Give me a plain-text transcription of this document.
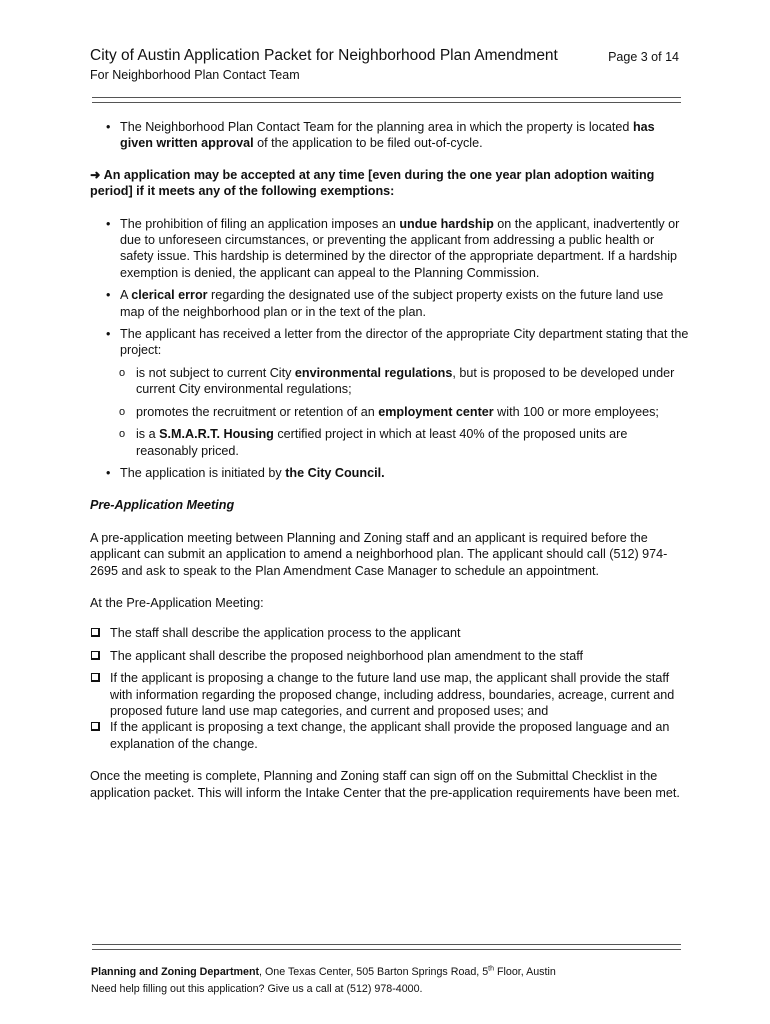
City of Austin Application Packet for Neighborhood Plan Amendment	Page 3 of 14
For Neighborhood Plan Contact Team
• The Neighborhood Plan Contact Team for the planning area in which the property is located has given written approval of the application to be filed out-of-cycle.

➜ An application may be accepted at any time [even during the one year plan adoption waiting period] if it meets any of the following exemptions:

• The prohibition of filing an application imposes an undue hardship on the applicant, inadvertently or due to unforeseen circumstances, or preventing the applicant from addressing a public health or safety issue. This hardship is determined by the director of the appropriate department. If a hardship exemption is denied, the applicant can appeal to the Planning Commission.
• A clerical error regarding the designated use of the subject property exists on the future land use map of the neighborhood plan or in the text of the plan.
• The applicant has received a letter from the director of the appropriate City department stating that the project:
o is not subject to current City environmental regulations, but is proposed to be developed under current City environmental regulations;
o promotes the recruitment or retention of an employment center with 100 or more employees;
o is a S.M.A.R.T. Housing certified project in which at least 40% of the proposed units are reasonably priced.
• The application is initiated by the City Council.

Pre-Application Meeting

A pre-application meeting between Planning and Zoning staff and an applicant is required before the applicant can submit an application to amend a neighborhood plan. The applicant should call (512) 974-2695 and ask to speak to the Plan Amendment Case Manager to schedule an appointment.

At the Pre-Application Meeting:

The staff shall describe the application process to the applicant
The applicant shall describe the proposed neighborhood plan amendment to the staff
If the applicant is proposing a change to the future land use map, the applicant shall provide the staff with information regarding the proposed change, including address, boundaries, acreage, current and proposed future land use map categories, and current and proposed uses; and
If the applicant is proposing a text change, the applicant shall provide the proposed language and an explanation of the change.

Once the meeting is complete, Planning and Zoning staff can sign off on the Submittal Checklist in the application packet. This will inform the Intake Center that the pre-application requirements have been met.

Planning and Zoning Department, One Texas Center, 505 Barton Springs Road, 5th Floor, Austin
Need help filling out this application? Give us a call at (512) 978-4000.
